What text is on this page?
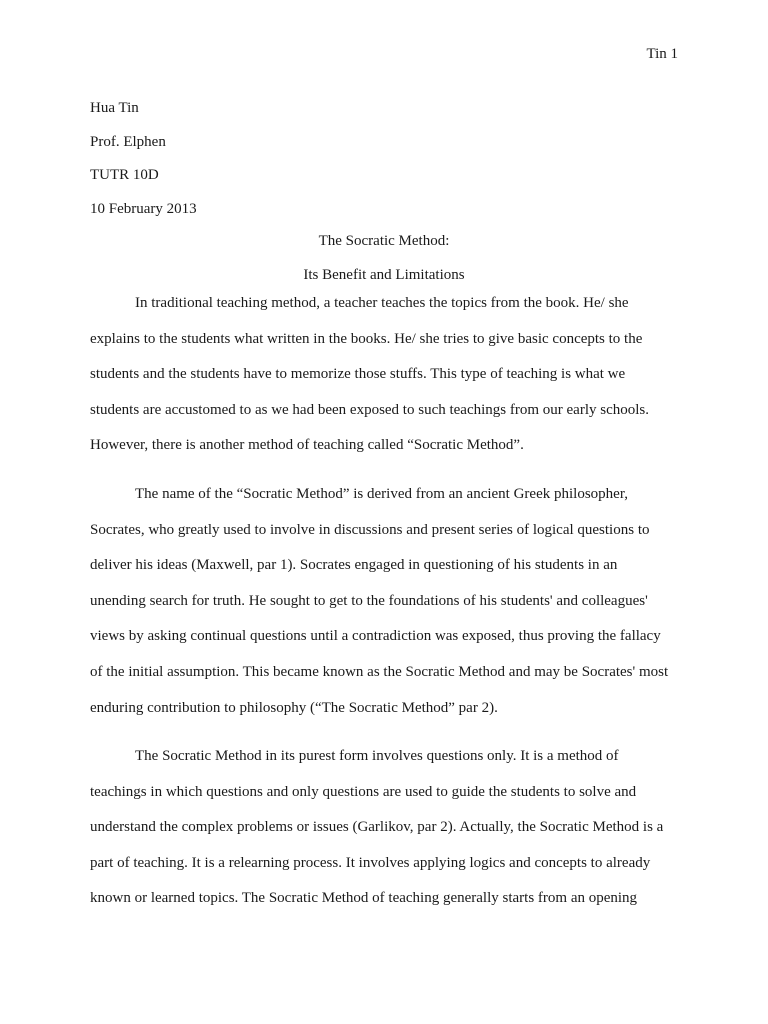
Tin 1
Hua Tin
Prof. Elphen
TUTR 10D
10 February 2013
The Socratic Method:
Its Benefit and Limitations
In traditional teaching method, a teacher teaches the topics from the book. He/ she
explains to the students what written in the books. He/ she tries to give basic concepts to the
students and the students have to memorize those stuffs. This type of teaching is what we
students are accustomed to as we had been exposed to such teachings from our early schools.
However, there is another method of teaching called “Socratic Method”.
The name of the “Socratic Method” is derived from an ancient Greek philosopher,
Socrates, who greatly used to involve in discussions and present series of logical questions to
deliver his ideas (Maxwell, par 1). Socrates engaged in questioning of his students in an
unending search for truth. He sought to get to the foundations of his students' and colleagues'
views by asking continual questions until a contradiction was exposed, thus proving the fallacy
of the initial assumption. This became known as the Socratic Method and may be Socrates' most
enduring contribution to philosophy (“The Socratic Method” par 2).
The Socratic Method in its purest form involves questions only. It is a method of
teachings in which questions and only questions are used to guide the students to solve and
understand the complex problems or issues (Garlikov, par 2). Actually, the Socratic Method is a
part of teaching. It is a relearning process. It involves applying logics and concepts to already
known or learned topics. The Socratic Method of teaching generally starts from an opening
